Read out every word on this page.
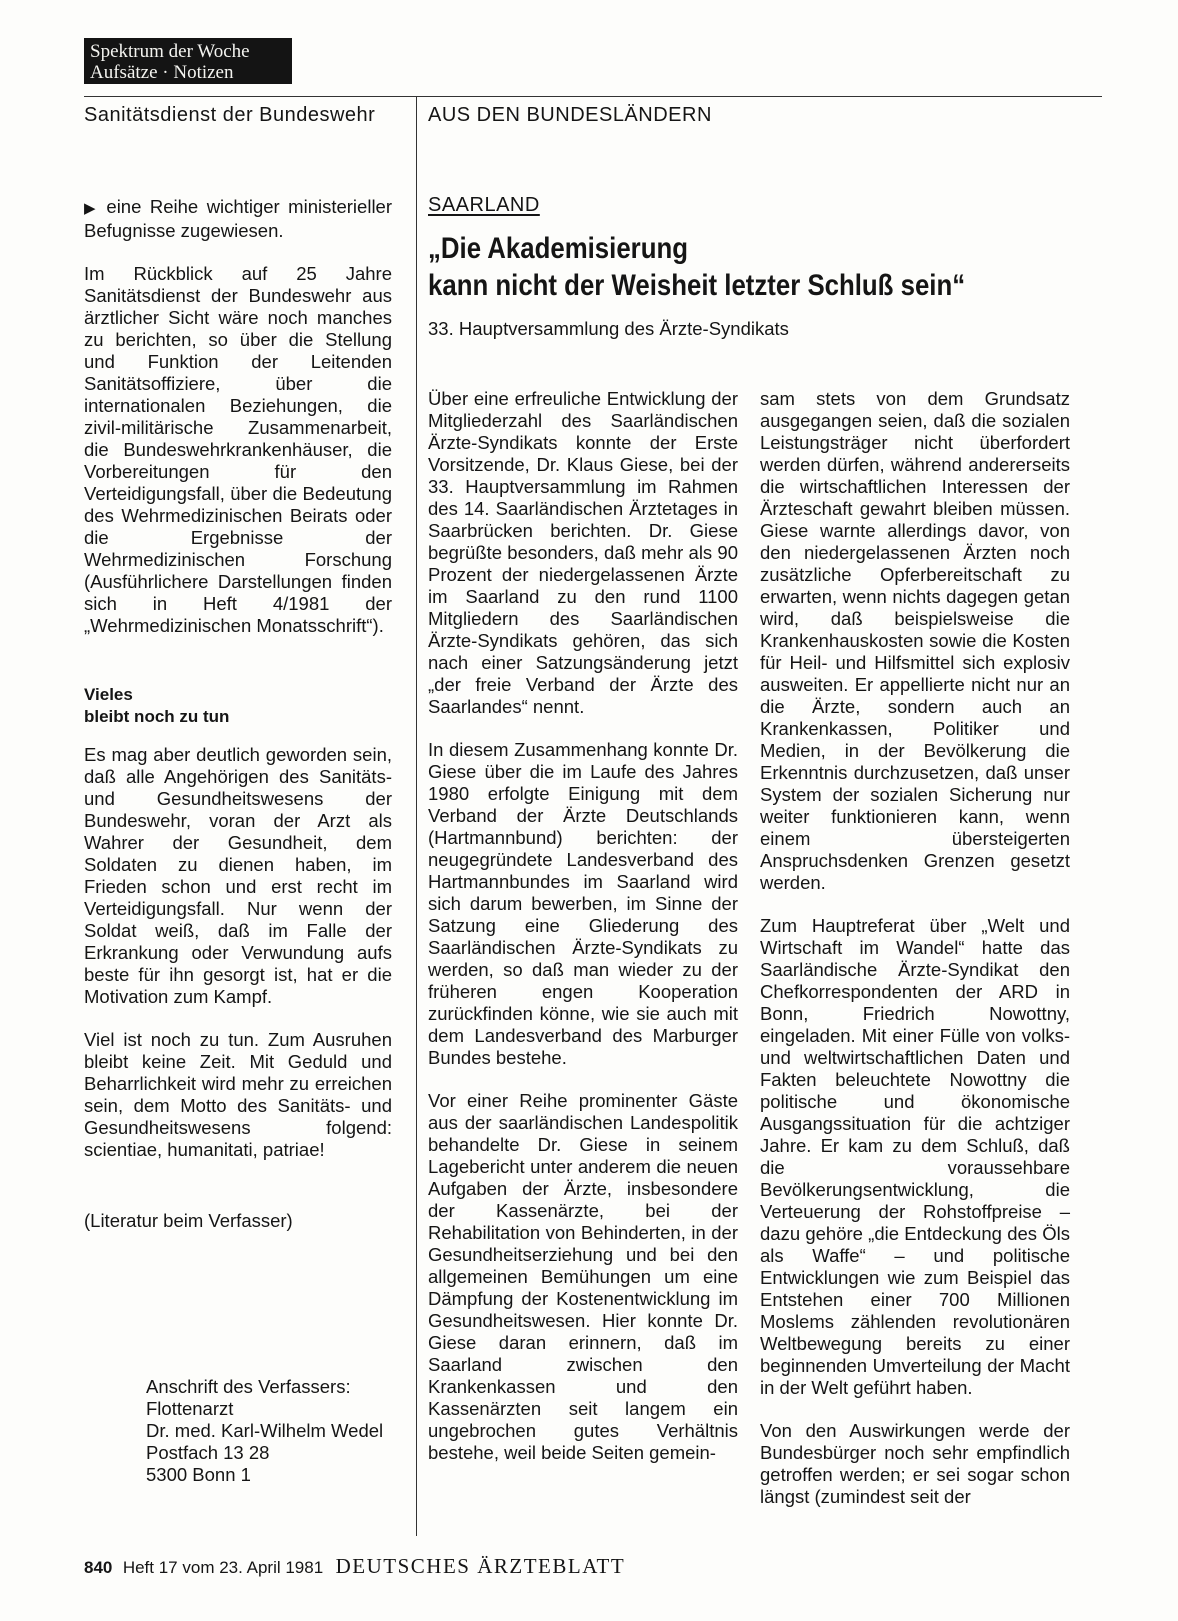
Spektrum der Woche
Aufsätze · Notizen
Sanitätsdienst der Bundeswehr	AUS DEN BUNDESLÄNDERN

▶ eine Reihe wichtiger ministerieller Befugnisse zugewiesen.

Im Rückblick auf 25 Jahre Sanitätsdienst der Bundeswehr aus ärztlicher Sicht wäre noch manches zu berichten, so über die Stellung und Funktion der Leitenden Sanitätsoffiziere, über die internationalen Beziehungen, die zivil-militärische Zusammenarbeit, die Bundeswehrkrankenhäuser, die Vorbereitungen für den Verteidigungsfall, über die Bedeutung des Wehrmedizinischen Beirats oder die Ergebnisse der Wehrmedizinischen Forschung (Ausführlichere Darstellungen finden sich in Heft 4/1981 der „Wehrmedizinischen Monatsschrift“).

Vieles
bleibt noch zu tun

Es mag aber deutlich geworden sein, daß alle Angehörigen des Sanitäts- und Gesundheitswesens der Bundeswehr, voran der Arzt als Wahrer der Gesundheit, dem Soldaten zu dienen haben, im Frieden schon und erst recht im Verteidigungsfall. Nur wenn der Soldat weiß, daß im Falle der Erkrankung oder Verwundung aufs beste für ihn gesorgt ist, hat er die Motivation zum Kampf.

Viel ist noch zu tun. Zum Ausruhen bleibt keine Zeit. Mit Geduld und Beharrlichkeit wird mehr zu erreichen sein, dem Motto des Sanitäts- und Gesundheitswesens folgend: scientiae, humanitati, patriae!

(Literatur beim Verfasser)
Anschrift des Verfassers:
Flottenarzt
Dr. med. Karl-Wilhelm Wedel
Postfach 13 28
5300 Bonn 1
SAARLAND
„Die Akademisierung
kann nicht der Weisheit letzter Schluß sein“
33. Hauptversammlung des Ärzte-Syndikats

Über eine erfreuliche Entwicklung der Mitgliederzahl des Saarländischen Ärzte-Syndikats konnte der Erste Vorsitzende, Dr. Klaus Giese, bei der 33. Hauptversammlung im Rahmen des 14. Saarländischen Ärztetages in Saarbrücken berichten. Dr. Giese begrüßte besonders, daß mehr als 90 Prozent der niedergelassenen Ärzte im Saarland zu den rund 1100 Mitgliedern des Saarländischen Ärzte-Syndikats gehören, das sich nach einer Satzungsänderung jetzt „der freie Verband der Ärzte des Saarlandes“ nennt.

In diesem Zusammenhang konnte Dr. Giese über die im Laufe des Jahres 1980 erfolgte Einigung mit dem Verband der Ärzte Deutschlands (Hartmannbund) berichten: der neugegründete Landesverband des Hartmannbundes im Saarland wird sich darum bewerben, im Sinne der Satzung eine Gliederung des Saarländischen Ärzte-Syndikats zu werden, so daß man wieder zu der früheren engen Kooperation zurückfinden könne, wie sie auch mit dem Landesverband des Marburger Bundes bestehe.

Vor einer Reihe prominenter Gäste aus der saarländischen Landespolitik behandelte Dr. Giese in seinem Lagebericht unter anderem die neuen Aufgaben der Ärzte, insbesondere der Kassenärzte, bei der Rehabilitation von Behinderten, in der Gesundheitserziehung und bei den allgemeinen Bemühungen um eine Dämpfung der Kostenentwicklung im Gesundheitswesen. Hier konnte Dr. Giese daran erinnern, daß im Saarland zwischen den Krankenkassen und den Kassenärzten seit langem ein ungebrochen gutes Verhältnis bestehe, weil beide Seiten gemein-

sam stets von dem Grundsatz ausgegangen seien, daß die sozialen Leistungsträger nicht überfordert werden dürfen, während andererseits die wirtschaftlichen Interessen der Ärzteschaft gewahrt bleiben müssen. Giese warnte allerdings davor, von den niedergelassenen Ärzten noch zusätzliche Opferbereitschaft zu erwarten, wenn nichts dagegen getan wird, daß beispielsweise die Krankenhauskosten sowie die Kosten für Heil- und Hilfsmittel sich explosiv ausweiten. Er appellierte nicht nur an die Ärzte, sondern auch an Krankenkassen, Politiker und Medien, in der Bevölkerung die Erkenntnis durchzusetzen, daß unser System der sozialen Sicherung nur weiter funktionieren kann, wenn einem übersteigerten Anspruchsdenken Grenzen gesetzt werden.

Zum Hauptreferat über „Welt und Wirtschaft im Wandel“ hatte das Saarländische Ärzte-Syndikat den Chefkorrespondenten der ARD in Bonn, Friedrich Nowottny, eingeladen. Mit einer Fülle von volks- und weltwirtschaftlichen Daten und Fakten beleuchtete Nowottny die politische und ökonomische Ausgangssituation für die achtziger Jahre. Er kam zu dem Schluß, daß die voraussehbare Bevölkerungsentwicklung, die Verteuerung der Rohstoffpreise – dazu gehöre „die Entdeckung des Öls als Waffe“ – und politische Entwicklungen wie zum Beispiel das Entstehen einer 700 Millionen Moslems zählenden revolutionären Weltbewegung bereits zu einer beginnenden Umverteilung der Macht in der Welt geführt haben.

Von den Auswirkungen werde der Bundesbürger noch sehr empfindlich getroffen werden; er sei sogar schon längst (zumindest seit der

840 Heft 17 vom 23. April 1981 DEUTSCHES ÄRZTEBLATT
